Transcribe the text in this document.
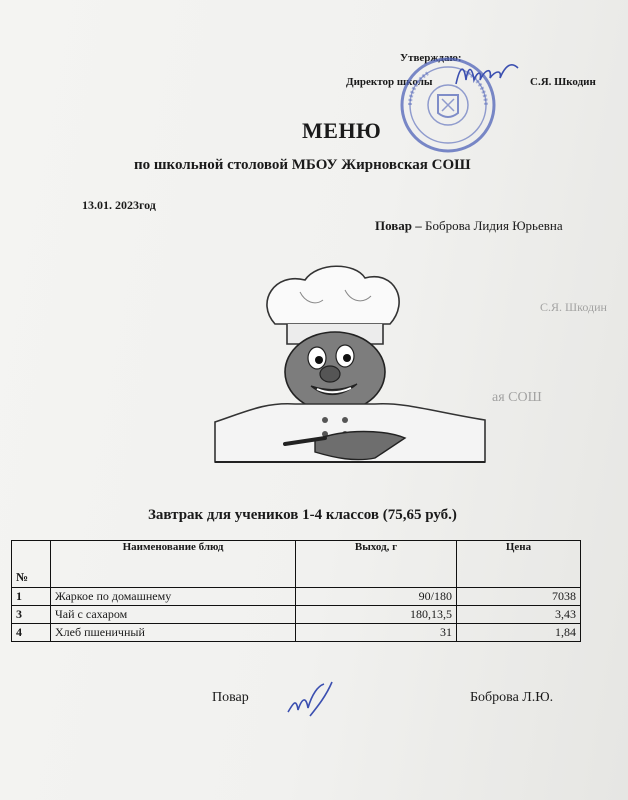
Утверждаю:
Директор школы	С.Я. Шкодин
МЕНЮ
по школьной столовой МБОУ Жирновская СОШ
13.01. 2023год
Повар – Боброва Лидия Юрьевна
С.Я. Шкодин
ая СОШ
Завтрак для учеников 1-4 классов (75,65 руб.)
№	Наименование блюд	Выход, г	Цена
1	Жаркое по домашнему	90/180	7038
3	Чай с сахаром	180,13,5	3,43
4	Хлеб пшеничный	31	1,84
Повар	Боброва Л.Ю.
